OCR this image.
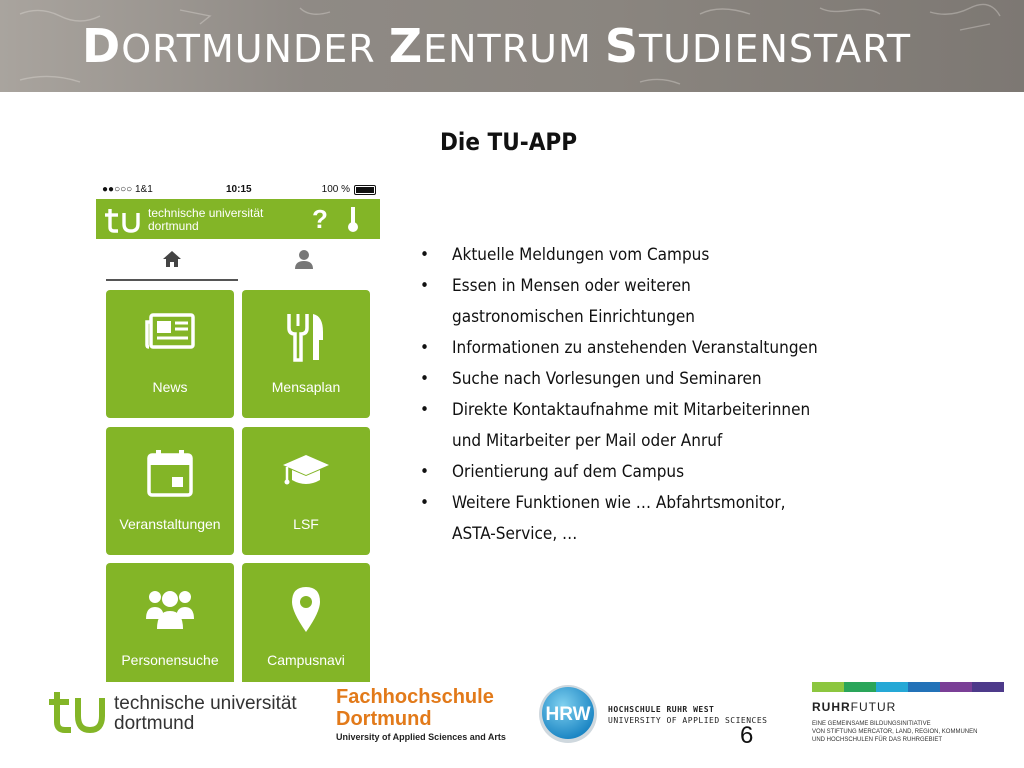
DORTMUNDER ZENTRUM STUDIENSTART
Die TU-APP
●●○○○ 1&1	10:15	100 %
technische universität
dortmund	?
News	Mensaplan
Veranstaltungen	LSF
Personensuche	Campusnavi
• Aktuelle Meldungen vom Campus
• Essen in Mensen oder weiteren
gastronomischen Einrichtungen
• Informationen zu anstehenden Veranstaltungen
• Suche nach Vorlesungen und Seminaren
• Direkte Kontaktaufnahme mit Mitarbeiterinnen
und Mitarbeiter per Mail oder Anruf
• Orientierung auf dem Campus
• Weitere Funktionen wie … Abfahrtsmonitor,
ASTA-Service, …
technische universität
dortmund
Fachhochschule
Dortmund
University of Applied Sciences and Arts
HRW HOCHSCHULE RUHR WEST
UNIVERSITY OF APPLIED SCIENCES
6
RUHRFUTUR
EINE GEMEINSAME BILDUNGSINITIATIVE
VON STIFTUNG MERCATOR, LAND, REGION, KOMMUNEN
UND HOCHSCHULEN FÜR DAS RUHRGEBIET
